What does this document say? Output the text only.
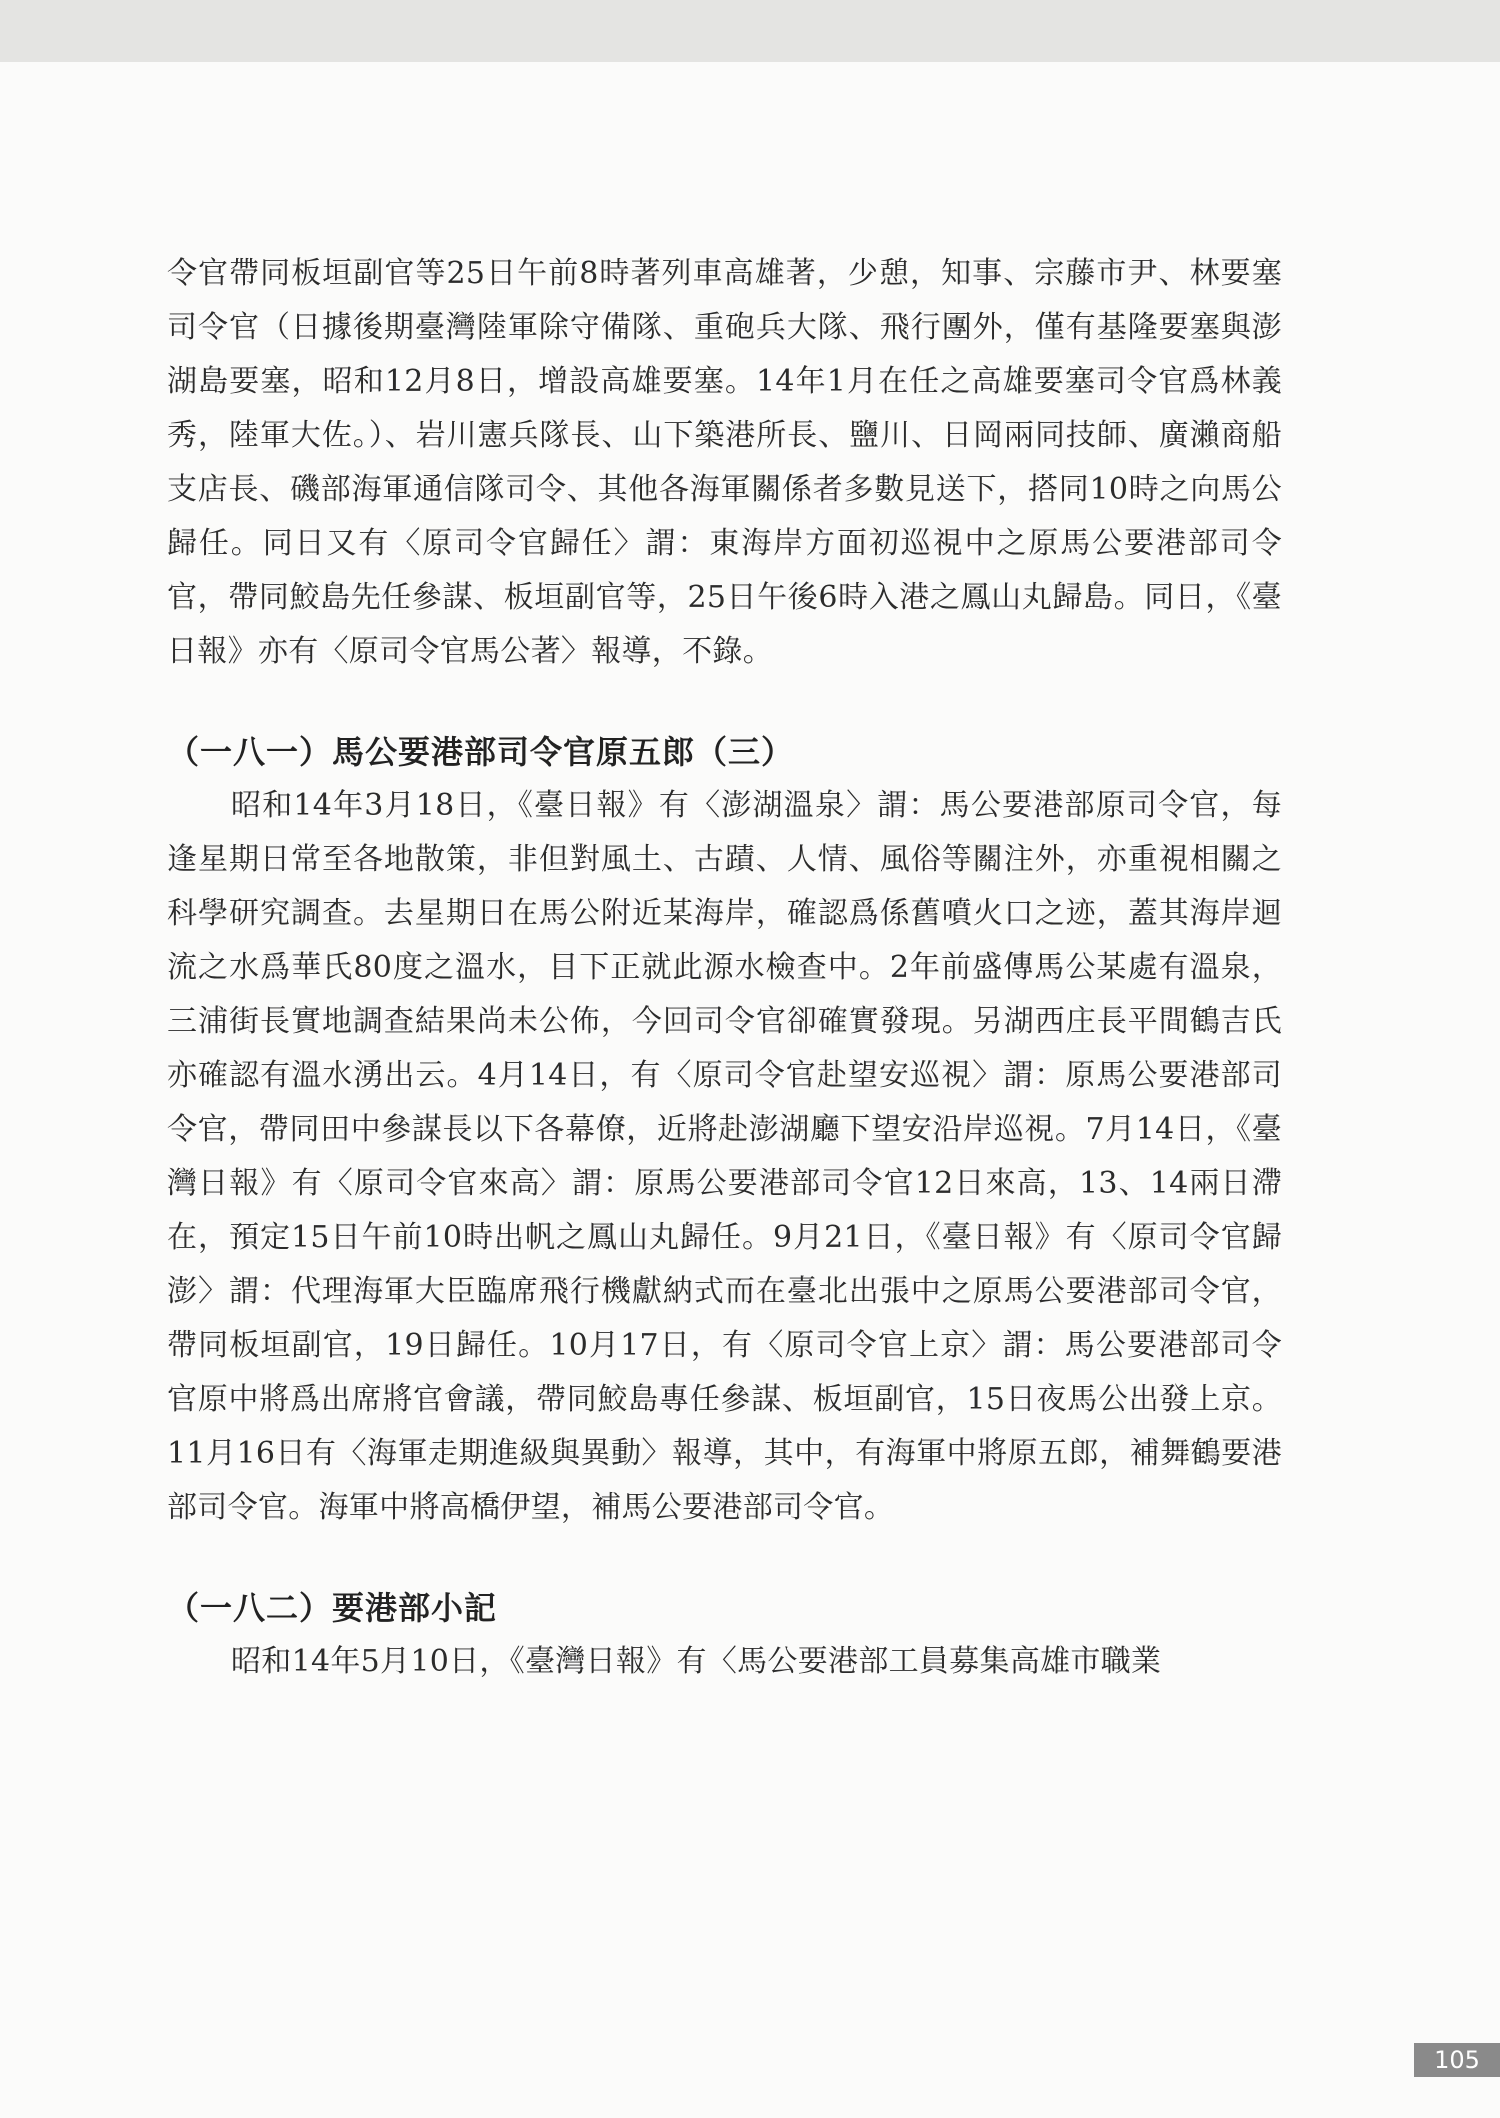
令官帶同板垣副官等25日午前8時著列車高雄著，少憩，知事、宗藤市尹、林要塞司令官（日據後期臺灣陸軍除守備隊、重砲兵大隊、飛行團外，僅有基隆要塞與澎湖島要塞，昭和12月8日，增設高雄要塞。14年1月在任之高雄要塞司令官爲林義秀，陸軍大佐。）、岩川憲兵隊長、山下築港所長、鹽川、日岡兩同技師、廣瀨商船支店長、磯部海軍通信隊司令、其他各海軍關係者多數見送下，搭同10時之向馬公歸任。同日又有〈原司令官歸任〉謂：東海岸方面初巡視中之原馬公要港部司令官，帶同鮫島先任參謀、板垣副官等，25日午後6時入港之鳳山丸歸島。同日，《臺日報》亦有〈原司令官馬公著〉報導，不錄。

（一八一）馬公要港部司令官原五郎（三）

昭和14年3月18日，《臺日報》有〈澎湖溫泉〉謂：馬公要港部原司令官，每逢星期日常至各地散策，非但對風土、古蹟、人情、風俗等關注外，亦重視相關之科學研究調查。去星期日在馬公附近某海岸，確認爲係舊噴火口之迹，蓋其海岸迴流之水爲華氏80度之溫水，目下正就此源水檢查中。2年前盛傳馬公某處有溫泉，三浦街長實地調查結果尚未公佈，今回司令官卻確實發現。另湖西庄長平間鶴吉氏亦確認有溫水湧出云。4月14日，有〈原司令官赴望安巡視〉謂：原馬公要港部司令官，帶同田中參謀長以下各幕僚，近將赴澎湖廳下望安沿岸巡視。7月14日，《臺灣日報》有〈原司令官來高〉謂：原馬公要港部司令官12日來高，13、14兩日滯在，預定15日午前10時出帆之鳳山丸歸任。9月21日，《臺日報》有〈原司令官歸澎〉謂：代理海軍大臣臨席飛行機獻納式而在臺北出張中之原馬公要港部司令官，帶同板垣副官，19日歸任。10月17日，有〈原司令官上京〉謂：馬公要港部司令官原中將爲出席將官會議，帶同鮫島專任參謀、板垣副官，15日夜馬公出發上京。11月16日有〈海軍走期進級與異動〉報導，其中，有海軍中將原五郎，補舞鶴要港部司令官。海軍中將高橋伊望，補馬公要港部司令官。

（一八二）要港部小記

昭和14年5月10日，《臺灣日報》有〈馬公要港部工員募集高雄市職業

105
